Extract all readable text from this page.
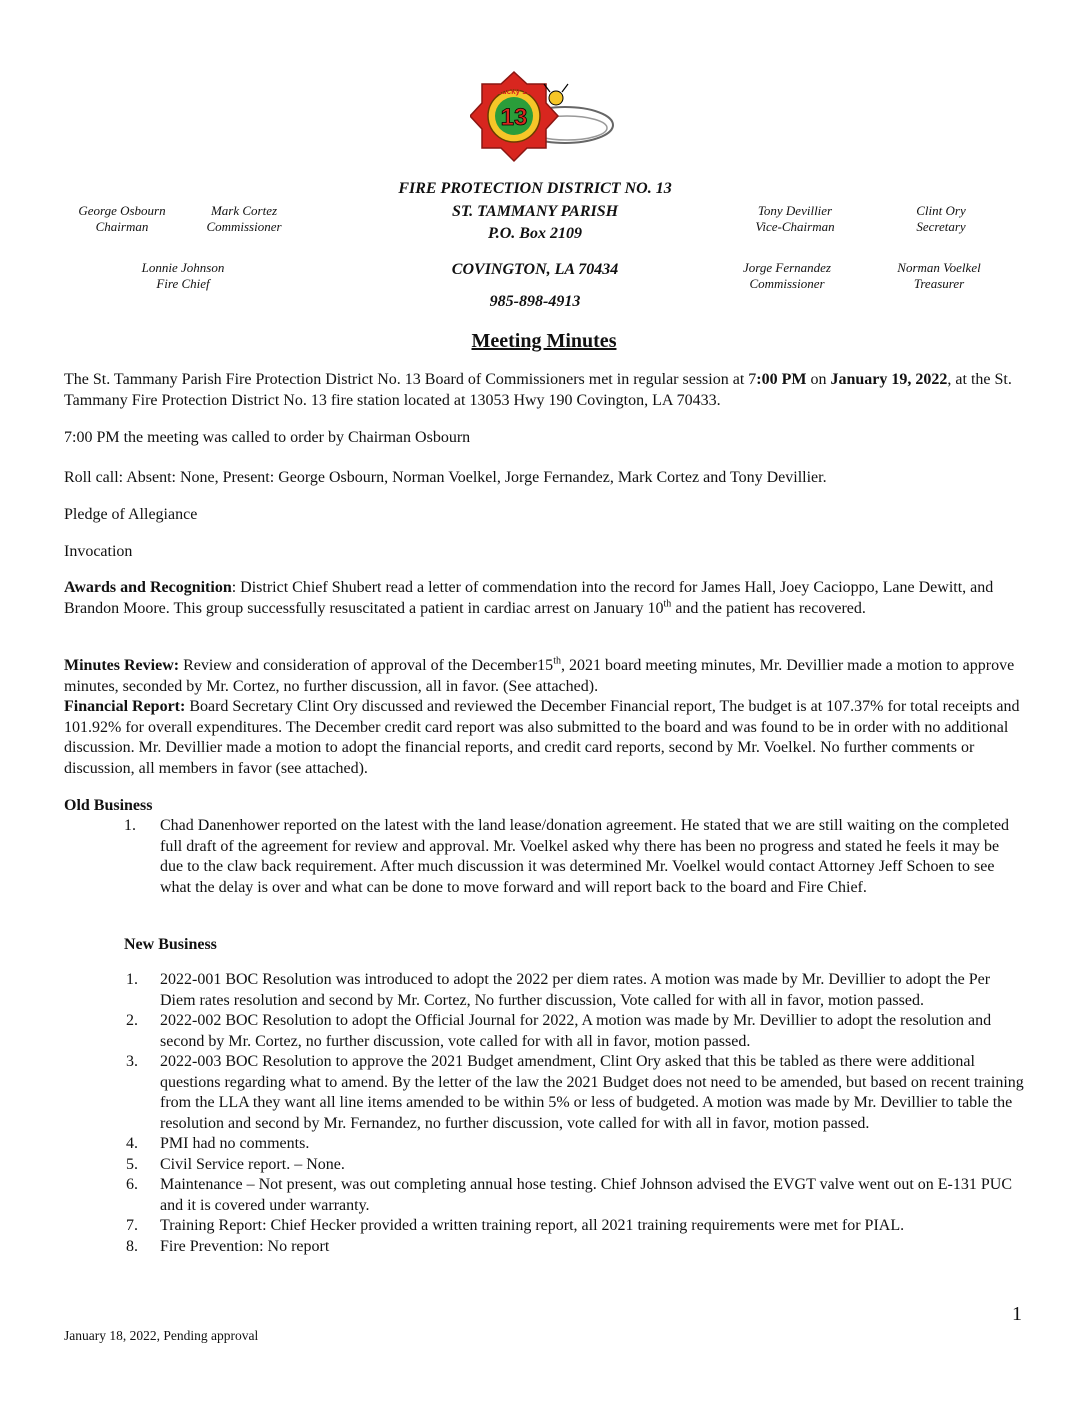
13
Lucky 13
FIRE PROTECTION DISTRICT NO. 13
ST. TAMMANY PARISH
P.O. Box 2109
COVINGTON, LA 70434
985-898-4913
George Osbourn
Chairman
Mark Cortez
Commissioner
Lonnie Johnson
Fire Chief
Tony Devillier
Vice-Chairman
Clint Ory
Secretary
Jorge Fernandez
Commissioner
Norman Voelkel
Treasurer
Meeting Minutes

The St. Tammany Parish Fire Protection District No. 13 Board of Commissioners met in regular session at 7:00 PM on January 19, 2022, at the St. Tammany Fire Protection District No. 13 fire station located at 13053 Hwy 190 Covington, LA 70433.

7:00 PM the meeting was called to order by Chairman Osbourn
Roll call: Absent: None, Present: George Osbourn, Norman Voelkel, Jorge Fernandez, Mark Cortez and Tony Devillier.
Pledge of Allegiance
Invocation

Awards and Recognition: District Chief Shubert read a letter of commendation into the record for James Hall, Joey Cacioppo, Lane Dewitt, and Brandon Moore. This group successfully resuscitated a patient in cardiac arrest on January 10th and the patient has recovered.

Minutes Review: Review and consideration of approval of the December15th, 2021 board meeting minutes, Mr. Devillier made a motion to approve minutes, seconded by Mr. Cortez, no further discussion, all in favor. (See attached).

Financial Report: Board Secretary Clint Ory discussed and reviewed the December Financial report, The budget is at 107.37% for total receipts and 101.92% for overall expenditures. The December credit card report was also submitted to the board and was found to be in order with no additional discussion. Mr. Devillier made a motion to adopt the financial reports, and credit card reports, second by Mr. Voelkel. No further comments or discussion, all members in favor (see attached).

Old Business
1. Chad Danenhower reported on the latest with the land lease/donation agreement. He stated that we are still waiting on the completed full draft of the agreement for review and approval. Mr. Voelkel asked why there has been no progress and stated he feels it may be due to the claw back requirement. After much discussion it was determined Mr. Voelkel would contact Attorney Jeff Schoen to see what the delay is over and what can be done to move forward and will report back to the board and Fire Chief.
New Business
1. 2022-001 BOC Resolution was introduced to adopt the 2022 per diem rates. A motion was made by Mr. Devillier to adopt the Per Diem rates resolution and second by Mr. Cortez, No further discussion, Vote called for with all in favor, motion passed.
2. 2022-002 BOC Resolution to adopt the Official Journal for 2022, A motion was made by Mr. Devillier to adopt the resolution and second by Mr. Cortez, no further discussion, vote called for with all in favor, motion passed.
3. 2022-003 BOC Resolution to approve the 2021 Budget amendment, Clint Ory asked that this be tabled as there were additional questions regarding what to amend. By the letter of the law the 2021 Budget does not need to be amended, but based on recent training from the LLA they want all line items amended to be within 5% or less of budgeted. A motion was made by Mr. Devillier to table the resolution and second by Mr. Fernandez, no further discussion, vote called for with all in favor, motion passed.
4. PMI had no comments.
5. Civil Service report. – None.
6. Maintenance – Not present, was out completing annual hose testing. Chief Johnson advised the EVGT valve went out on E-131 PUC and it is covered under warranty.
7. Training Report: Chief Hecker provided a written training report, all 2021 training requirements were met for PIAL.
8. Fire Prevention: No report
1
January 18, 2022, Pending approval
